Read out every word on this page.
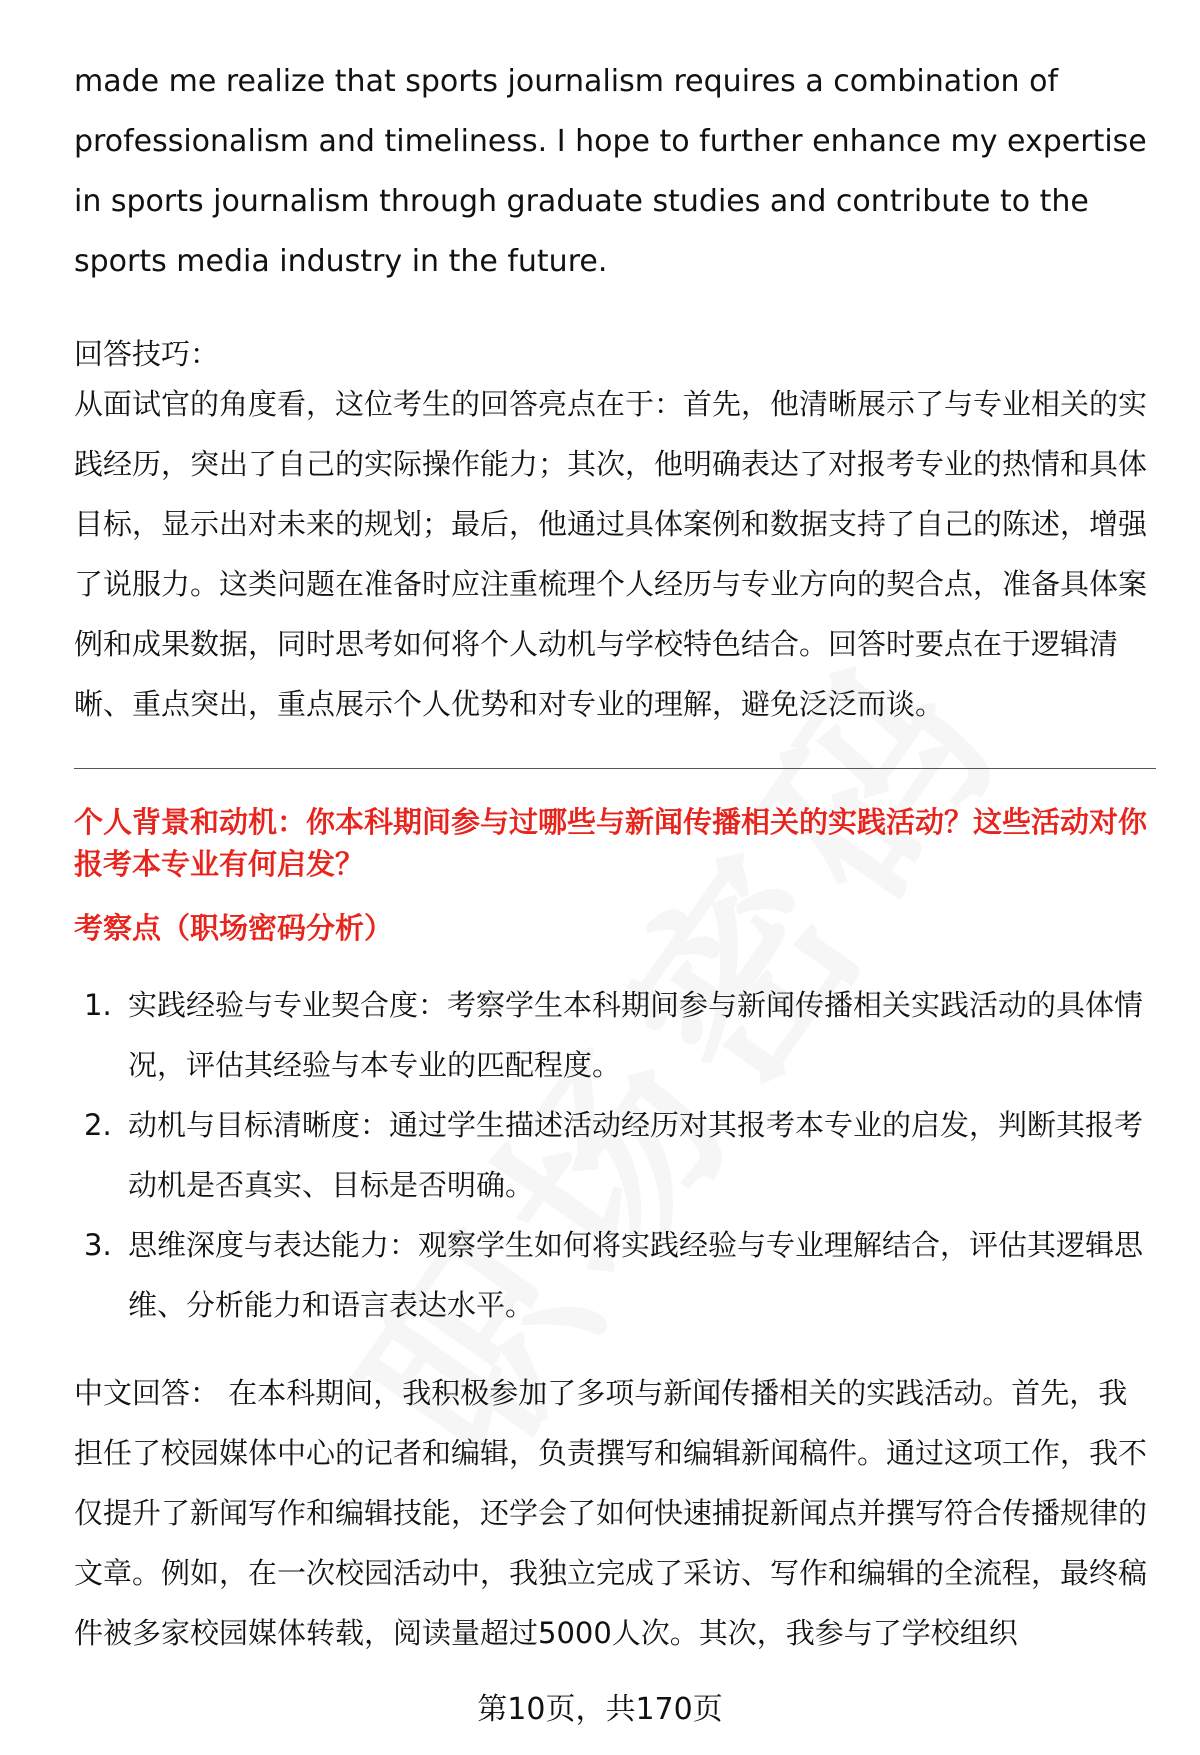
made me realize that sports journalism requires a combination of professionalism and timeliness. I hope to further enhance my expertise in sports journalism through graduate studies and contribute to the sports media industry in the future.

回答技巧：

从面试官的角度看，这位考生的回答亮点在于：首先，他清晰展示了与专业相关的实践经历，突出了自己的实际操作能力；其次，他明确表达了对报考专业的热情和具体目标，显示出对未来的规划；最后，他通过具体案例和数据支持了自己的陈述，增强了说服力。这类问题在准备时应注重梳理个人经历与专业方向的契合点，准备具体案例和成果数据，同时思考如何将个人动机与学校特色结合。回答时要点在于逻辑清晰、重点突出，重点展示个人优势和对专业的理解，避免泛泛而谈。

个人背景和动机：你本科期间参与过哪些与新闻传播相关的实践活动？这些活动对你报考本专业有何启发？

考察点（职场密码分析）

1. 实践经验与专业契合度：考察学生本科期间参与新闻传播相关实践活动的具体情况，评估其经验与本专业的匹配程度。
2. 动机与目标清晰度：通过学生描述活动经历对其报考本专业的启发，判断其报考动机是否真实、目标是否明确。
3. 思维深度与表达能力：观察学生如何将实践经验与专业理解结合，评估其逻辑思维、分析能力和语言表达水平。

中文回答： 在本科期间，我积极参加了多项与新闻传播相关的实践活动。首先，我担任了校园媒体中心的记者和编辑，负责撰写和编辑新闻稿件。通过这项工作，我不仅提升了新闻写作和编辑技能，还学会了如何快速捕捉新闻点并撰写符合传播规律的文章。例如，在一次校园活动中，我独立完成了采访、写作和编辑的全流程，最终稿件被多家校园媒体转载，阅读量超过5000人次。其次，我参与了学校组织

第10页，共170页
